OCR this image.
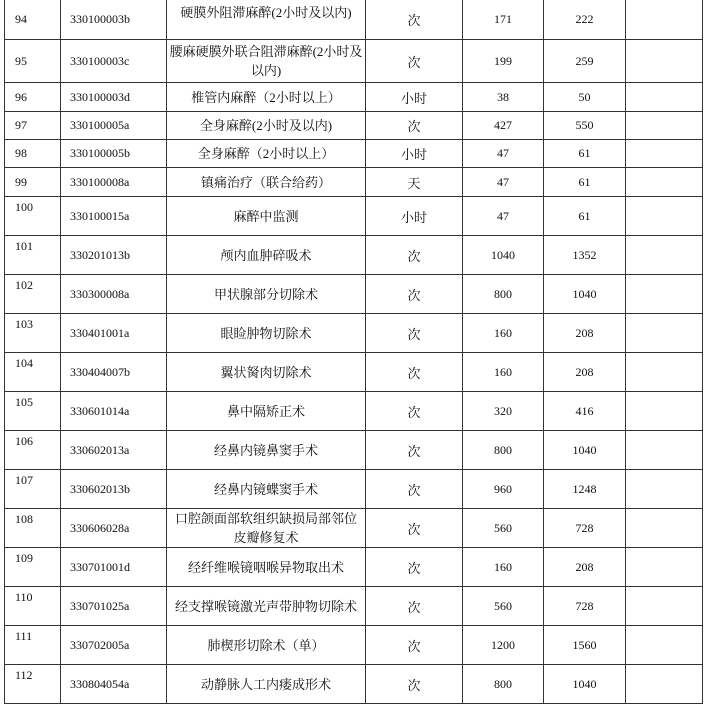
94	330100003b	硬膜外阻滞麻醉(2小时及以内)	次	171	222	
95	330100003c	腰麻硬膜外联合阻滞麻醉(2小时及以内)	次	199	259	
96	330100003d	椎管内麻醉（2小时以上）	小时	38	50	
97	330100005a	全身麻醉(2小时及以内)	次	427	550	
98	330100005b	全身麻醉（2小时以上）	小时	47	61	
99	330100008a	镇痛治疗（联合给药）	天	47	61	
100	330100015a	麻醉中监测	小时	47	61	
101	330201013b	颅内血肿碎吸术	次	1040	1352	
102	330300008a	甲状腺部分切除术	次	800	1040	
103	330401001a	眼睑肿物切除术	次	160	208	
104	330404007b	翼状胬肉切除术	次	160	208	
105	330601014a	鼻中隔矫正术	次	320	416	
106	330602013a	经鼻内镜鼻窦手术	次	800	1040	
107	330602013b	经鼻内镜蝶窦手术	次	960	1248	
108	330606028a	口腔颌面部软组织缺损局部邻位皮瓣修复术	次	560	728	
109	330701001d	经纤维喉镜咽喉异物取出术	次	160	208	
110	330701025a	经支撑喉镜激光声带肿物切除术	次	560	728	
111	330702005a	肺楔形切除术（单）	次	1200	1560	
112	330804054a	动静脉人工内瘘成形术	次	800	1040	
